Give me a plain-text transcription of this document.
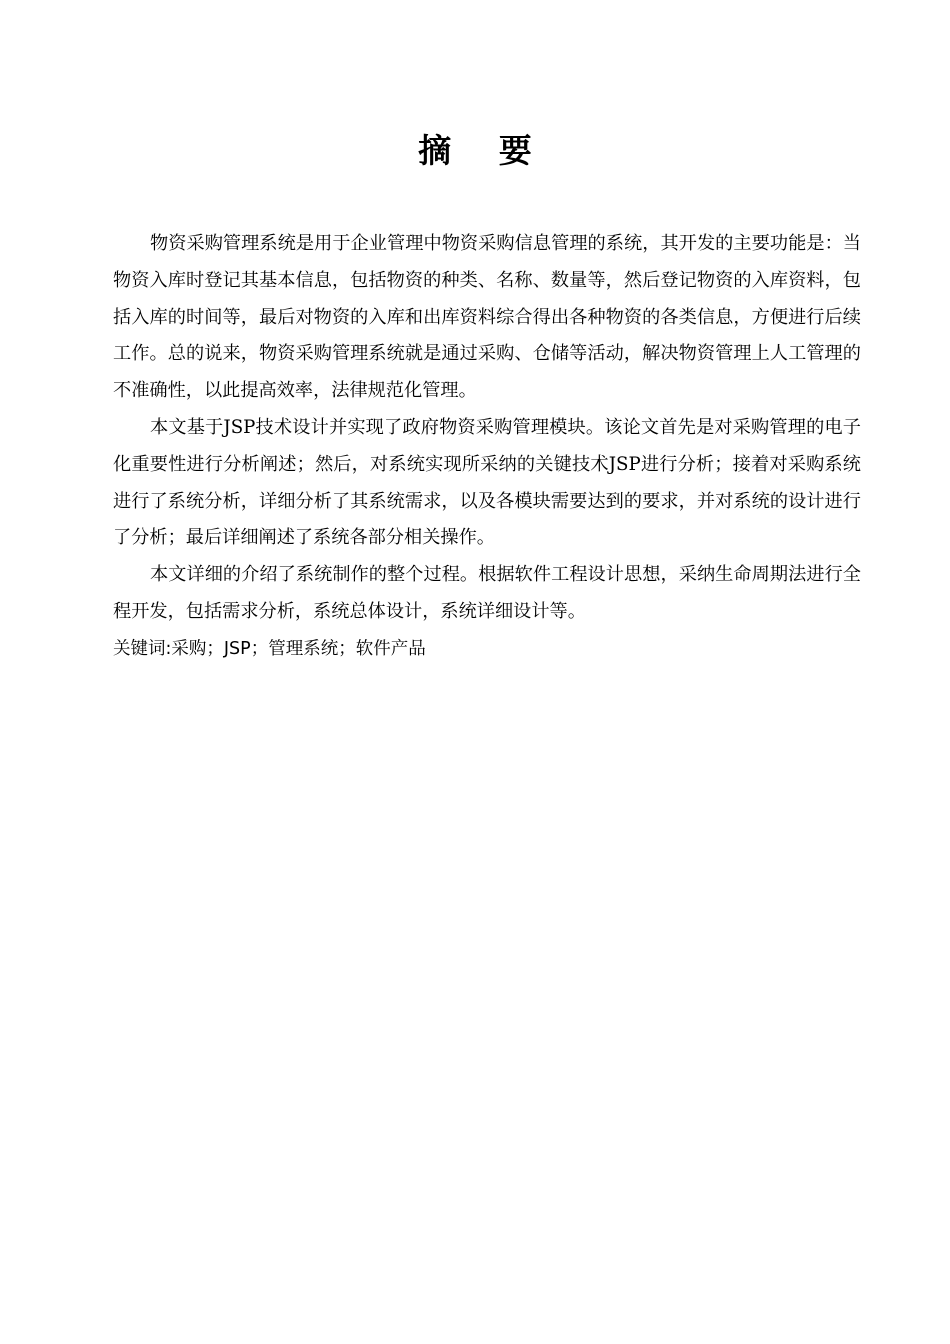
摘 要

物资采购管理系统是用于企业管理中物资采购信息管理的系统，其开发的主要功能是：当物资入库时登记其基本信息，包括物资的种类、名称、数量等，然后登记物资的入库资料，包括入库的时间等，最后对物资的入库和出库资料综合得出各种物资的各类信息，方便进行后续工作。总的说来，物资采购管理系统就是通过采购、仓储等活动，解决物资管理上人工管理的不准确性，以此提高效率，法律规范化管理。

本文基于JSP技术设计并实现了政府物资采购管理模块。该论文首先是对采购管理的电子化重要性进行分析阐述；然后，对系统实现所采纳的关键技术JSP进行分析；接着对采购系统进行了系统分析，详细分析了其系统需求，以及各模块需要达到的要求，并对系统的设计进行了分析；最后详细阐述了系统各部分相关操作。

本文详细的介绍了系统制作的整个过程。根据软件工程设计思想，采纳生命周期法进行全程开发，包括需求分析，系统总体设计，系统详细设计等。

关键词:采购；JSP；管理系统；软件产品
